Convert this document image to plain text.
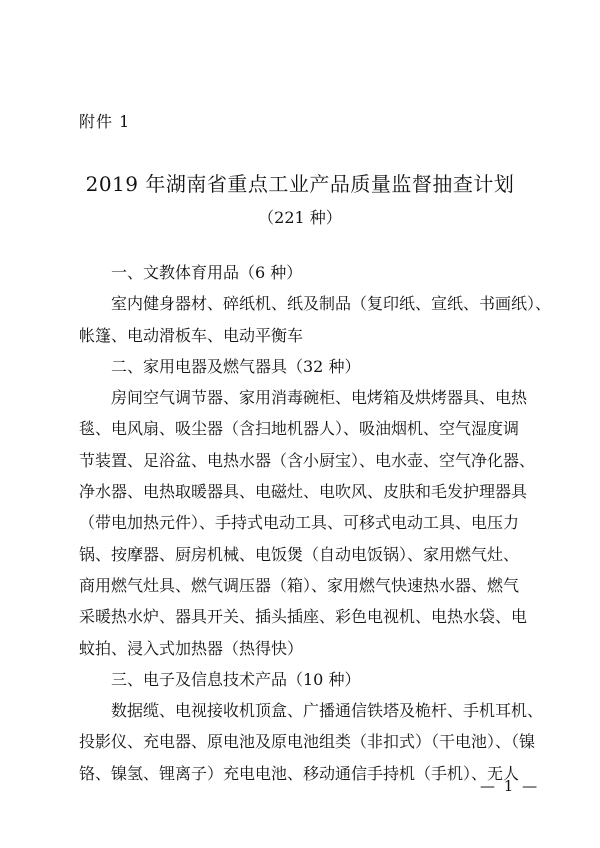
附件 1
2019 年湖南省重点工业产品质量监督抽查计划
（221 种）
一、文教体育用品（6 种）
室内健身器材、碎纸机、纸及制品（复印纸、宣纸、书画纸）、
帐篷、电动滑板车、电动平衡车
二、家用电器及燃气器具（32 种）
房间空气调节器、家用消毒碗柜、电烤箱及烘烤器具、电热
毯、电风扇、吸尘器（含扫地机器人）、吸油烟机、空气湿度调
节装置、足浴盆、电热水器（含小厨宝）、电水壶、空气净化器、
净水器、电热取暖器具、电磁灶、电吹风、皮肤和毛发护理器具
（带电加热元件）、手持式电动工具、可移式电动工具、电压力
锅、按摩器、厨房机械、电饭煲（自动电饭锅）、家用燃气灶、
商用燃气灶具、燃气调压器（箱）、家用燃气快速热水器、燃气
采暖热水炉、器具开关、插头插座、彩色电视机、电热水袋、电
蚊拍、浸入式加热器（热得快）
三、电子及信息技术产品（10 种）
数据缆、电视接收机顶盒、广播通信铁塔及桅杆、手机耳机、
投影仪、充电器、原电池及原电池组类（非扣式）（干电池）、（镍
铬、镍氢、锂离子）充电电池、移动通信手持机（手机）、无人
— 1 —
